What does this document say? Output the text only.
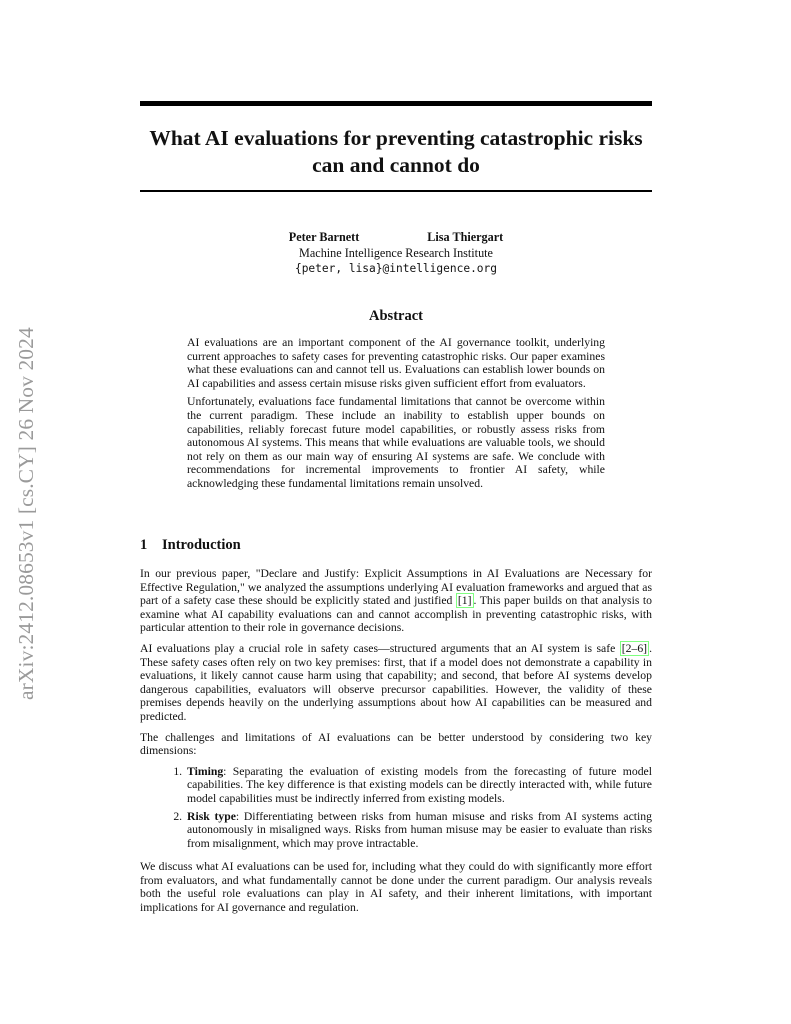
arXiv:2412.08653v1 [cs.CY] 26 Nov 2024
What AI evaluations for preventing catastrophic risks
can and cannot do
Peter Barnett	Lisa Thiergart
Machine Intelligence Research Institute
{peter, lisa}@intelligence.org
Abstract

AI evaluations are an important component of the AI governance toolkit, underlying current approaches to safety cases for preventing catastrophic risks. Our paper examines what these evaluations can and cannot tell us. Evaluations can establish lower bounds on AI capabilities and assess certain misuse risks given sufficient effort from evaluators.

Unfortunately, evaluations face fundamental limitations that cannot be overcome within the current paradigm. These include an inability to establish upper bounds on capabilities, reliably forecast future model capabilities, or robustly assess risks from autonomous AI systems. This means that while evaluations are valuable tools, we should not rely on them as our main way of ensuring AI systems are safe. We conclude with recommendations for incremental improvements to frontier AI safety, while acknowledging these fundamental limitations remain unsolved.

1 Introduction

In our previous paper, "Declare and Justify: Explicit Assumptions in AI Evaluations are Necessary for Effective Regulation," we analyzed the assumptions underlying AI evaluation frameworks and argued that as part of a safety case these should be explicitly stated and justified [1] . This paper builds on that analysis to examine what AI capability evaluations can and cannot accomplish in preventing catastrophic risks, with particular attention to their role in governance decisions.

AI evaluations play a crucial role in safety cases—structured arguments that an AI system is safe [2–6] . These safety cases often rely on two key premises: first, that if a model does not demonstrate a capability in evaluations, it likely cannot cause harm using that capability; and second, that before AI systems develop dangerous capabilities, evaluators will observe precursor capabilities. However, the validity of these premises depends heavily on the underlying assumptions about how AI capabilities can be measured and predicted.

The challenges and limitations of AI evaluations can be better understood by considering two key dimensions:

1. Timing: Separating the evaluation of existing models from the forecasting of future model capabilities. The key difference is that existing models can be directly interacted with, while future model capabilities must be indirectly inferred from existing models.
2. Risk type: Differentiating between risks from human misuse and risks from AI systems acting autonomously in misaligned ways. Risks from human misuse may be easier to evaluate than risks from misalignment, which may prove intractable.

We discuss what AI evaluations can be used for, including what they could do with significantly more effort from evaluators, and what fundamentally cannot be done under the current paradigm. Our analysis reveals both the useful role evaluations can play in AI safety, and their inherent limitations, with important implications for AI governance and regulation.
